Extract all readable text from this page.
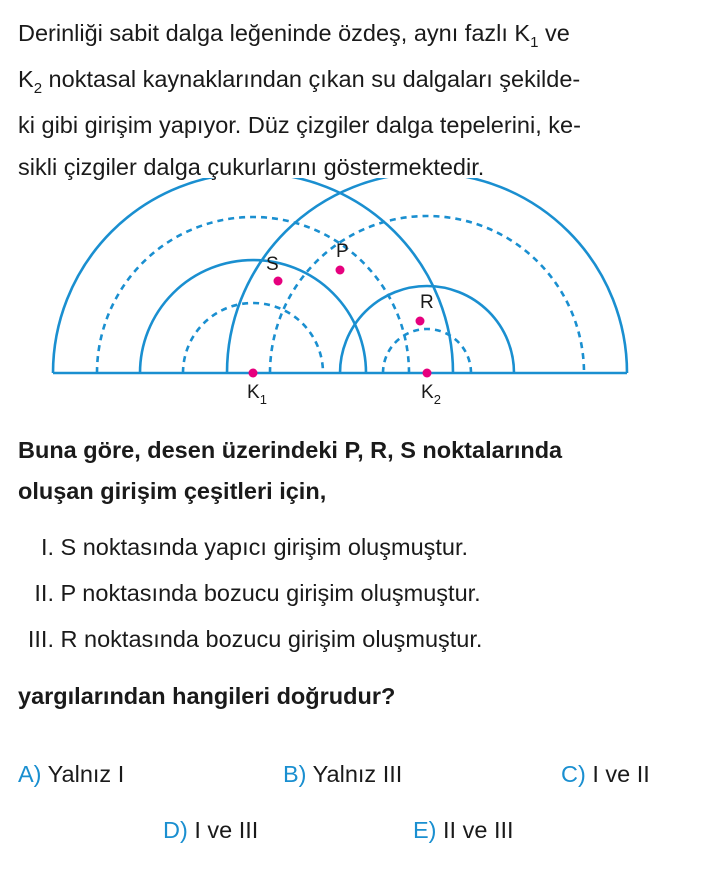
Derinliği sabit dalga leğeninde özdeş, aynı fazlı $K_1$ ve
$K_2$ noktasal kaynaklarından çıkan su dalgaları şekilde-
ki gibi girişim yapıyor. Düz çizgiler dalga tepelerini, ke-
sikli çizgiler dalga çukurlarını göstermektedir.
S
P
R
$K_1$	$K_2$
Buna göre, desen üzerindeki P, R, S noktalarında
oluşan girişim çeşitleri için,
I. S noktasında yapıcı girişim oluşmuştur.
II. P noktasında bozucu girişim oluşmuştur.
III. R noktasında bozucu girişim oluşmuştur.
yargılarından hangileri doğrudur?
A) Yalnız I	B) Yalnız III	C) I ve II
D) I ve III	E) II ve III
